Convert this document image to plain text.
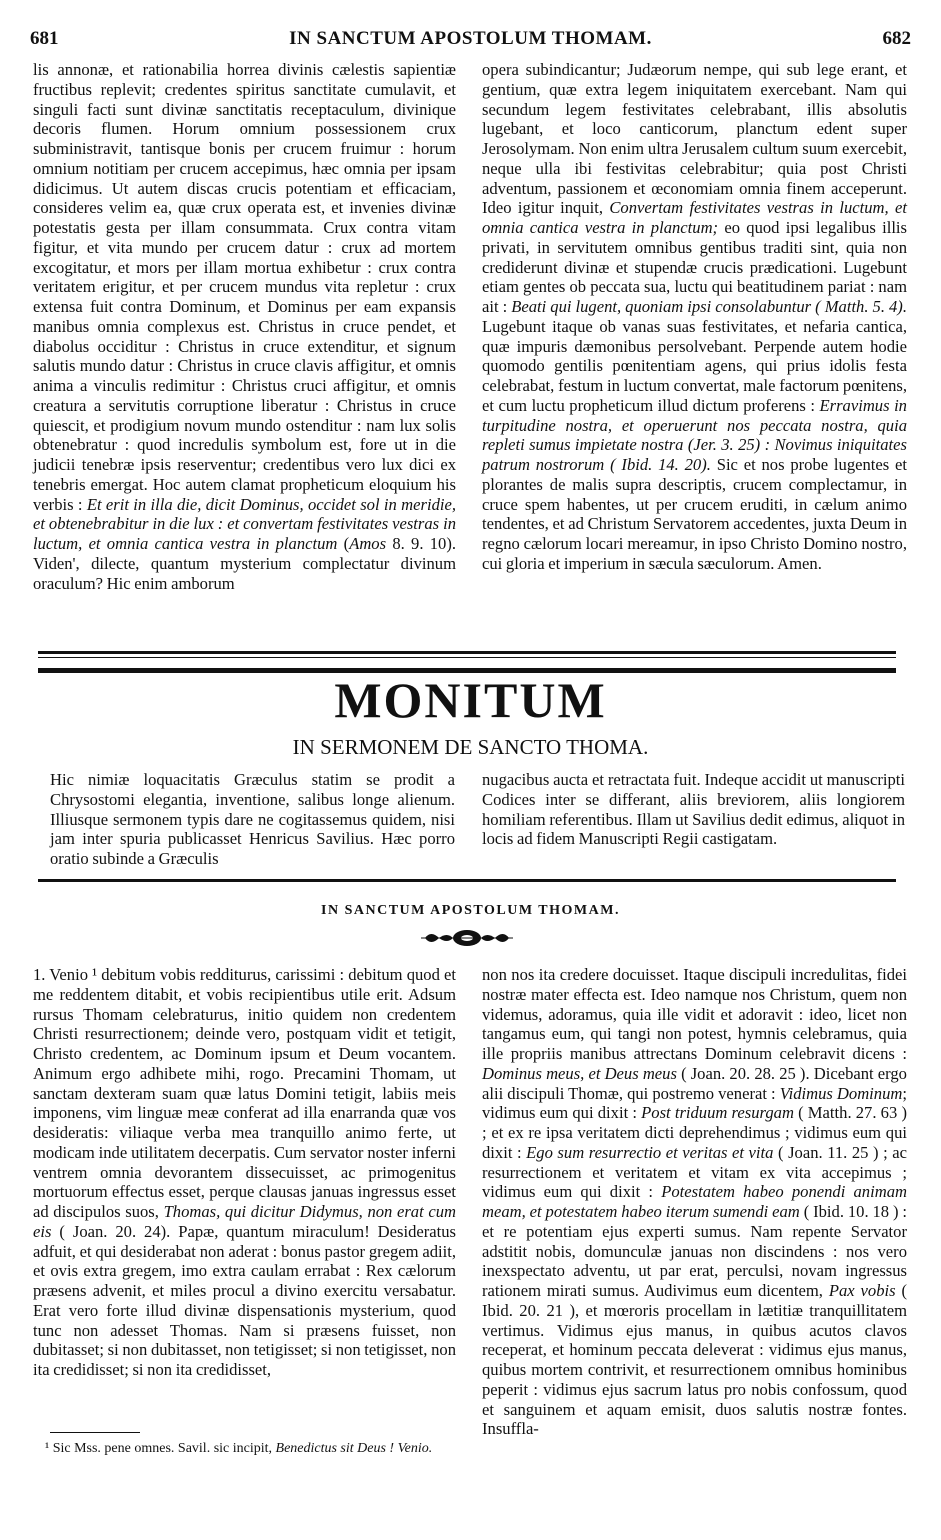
681	IN SANCTUM APOSTOLUM THOMAM.	682

lis annonæ, et rationabilia horrea divinis cælestis sapientiæ fructibus replevit; credentes spiritus sanctitate cumulavit, et singuli facti sunt divinæ sanctitatis receptaculum, divinique decoris flumen. Horum omnium possessionem crux subministravit, tantisque bonis per crucem fruimur : horum omnium notitiam per crucem accepimus, hæc omnia per ipsam didicimus. Ut autem discas crucis potentiam et efficaciam, consideres velim ea, quæ crux operata est, et invenies divinæ potestatis gesta per illam consummata. Crux contra vitam figitur, et vita mundo per crucem datur : crux ad mortem excogitatur, et mors per illam mortua exhibetur : crux contra veritatem erigitur, et per crucem mundus vita repletur : crux extensa fuit contra Dominum, et Dominus per eam expansis manibus omnia complexus est. Christus in cruce pendet, et diabolus occiditur : Christus in cruce extenditur, et signum salutis mundo datur : Christus in cruce clavis affigitur, et omnis anima a vinculis redimitur : Christus cruci affigitur, et omnis creatura a servitutis corruptione liberatur : Christus in cruce quiescit, et prodigium novum mundo ostenditur : nam lux solis obtenebratur : quod incredulis symbolum est, fore ut in die judicii tenebræ ipsis reserventur; credentibus vero lux dici ex tenebris emergat. Hoc autem clamat propheticum eloquium his verbis : Et erit in illa die, dicit Dominus, occidet sol in meridie, et obtenebrabitur in die lux : et convertam festivitates vestras in luctum, et omnia cantica vestra in planctum (Amos 8. 9. 10). Viden', dilecte, quantum mysterium complectatur divinum oraculum? Hic enim amborum

opera subindicantur; Judæorum nempe, qui sub lege erant, et gentium, quæ extra legem iniquitatem exercebant. Nam qui secundum legem festivitates celebrabant, illis absolutis lugebant, et loco canticorum, planctum edent super Jerosolymam. Non enim ultra Jerusalem cultum suum exercebit, neque ulla ibi festivitas celebrabitur; quia post Christi adventum, passionem et œconomiam omnia finem acceperunt. Ideo igitur inquit, Convertam festivitates vestras in luctum, et omnia cantica vestra in planctum; eo quod ipsi legalibus illis privati, in servitutem omnibus gentibus traditi sint, quia non crediderunt divinæ et stupendæ crucis prædicationi. Lugebunt etiam gentes ob peccata sua, luctu qui beatitudinem pariat : nam ait : Beati qui lugent, quoniam ipsi consolabuntur ( Matth. 5. 4). Lugebunt itaque ob vanas suas festivitates, et nefaria cantica, quæ impuris dæmonibus persolvebant. Perpende autem hodie quomodo gentilis pœnitentiam agens, qui prius idolis festa celebrabat, festum in luctum convertat, male factorum pœnitens, et cum luctu propheticum illud dictum proferens : Erravimus in turpitudine nostra, et operuerunt nos peccata nostra, quia repleti sumus impietate nostra (Jer. 3. 25) : Novimus iniquitates patrum nostrorum ( Ibid. 14. 20). Sic et nos probe lugentes et plorantes de malis supra descriptis, crucem complectamur, in cruce spem habentes, ut per crucem eruditi, in cælum animo tendentes, et ad Christum Servatorem accedentes, juxta Deum in regno cælorum locari mereamur, in ipso Christo Domino nostro, cui gloria et imperium in sæcula sæculorum. Amen.

MONITUM
IN SERMONEM DE SANCTO THOMA.

Hic nimiæ loquacitatis Græculus statim se prodit a Chrysostomi elegantia, inventione, salibus longe alienum. Illiusque sermonem typis dare ne cogitassemus quidem, nisi jam inter spuria publicasset Henricus Savilius. Hæc porro oratio subinde a Græculis

nugacibus aucta et retractata fuit. Indeque accidit ut manuscripti Codices inter se differant, aliis breviorem, aliis longiorem homiliam referentibus. Illam ut Savilius dedit edimus, aliquot in locis ad fidem Manuscripti Regii castigatam.

IN SANCTUM APOSTOLUM THOMAM.

1. Venio ¹ debitum vobis redditurus, carissimi : debitum quod et me reddentem ditabit, et vobis recipientibus utile erit. Adsum rursus Thomam celebraturus, initio quidem non credentem Christi resurrectionem; deinde vero, postquam vidit et tetigit, Christo credentem, ac Dominum ipsum et Deum vocantem. Animum ergo adhibete mihi, rogo. Precamini Thomam, ut sanctam dexteram suam quæ latus Domini tetigit, labiis meis imponens, vim linguæ meæ conferat ad illa enarranda quæ vos desideratis: viliaque verba mea tranquillo animo ferte, ut modicam inde utilitatem decerpatis. Cum servator noster inferni ventrem omnia devorantem dissecuisset, ac primogenitus mortuorum effectus esset, perque clausas januas ingressus esset ad discipulos suos, Thomas, qui dicitur Didymus, non erat cum eis ( Joan. 20. 24). Papæ, quantum miraculum! Desideratus adfuit, et qui desiderabat non aderat : bonus pastor gregem adiit, et ovis extra gregem, imo extra caulam errabat : Rex cælorum præsens advenit, et miles procul a divino exercitu versabatur. Erat vero forte illud divinæ dispensationis mysterium, quod tunc non adesset Thomas. Nam si præsens fuisset, non dubitasset; si non dubitasset, non tetigisset; si non tetigisset, non ita credidisset; si non ita credidisset,

non nos ita credere docuisset. Itaque discipuli incredulitas, fidei nostræ mater effecta est. Ideo namque nos Christum, quem non videmus, adoramus, quia ille vidit et adoravit : ideo, licet non tangamus eum, qui tangi non potest, hymnis celebramus, quia ille propriis manibus attrectans Dominum celebravit dicens : Dominus meus, et Deus meus ( Joan. 20. 28. 25 ). Dicebant ergo alii discipuli Thomæ, qui postremo venerat : Vidimus Dominum; vidimus eum qui dixit : Post triduum resurgam ( Matth. 27. 63 ) ; et ex re ipsa veritatem dicti deprehendimus ; vidimus eum qui dixit : Ego sum resurrectio et veritas et vita ( Joan. 11. 25 ) ; ac resurrectionem et veritatem et vitam ex vita accepimus ; vidimus eum qui dixit : Potestatem habeo ponendi animam meam, et potestatem habeo iterum sumendi eam ( Ibid. 10. 18 ) : et re potentiam ejus experti sumus. Nam repente Servator adstitit nobis, domunculæ januas non discindens : nos vero inexspectato adventu, ut par erat, perculsi, novam ingressus rationem mirati sumus. Audivimus eum dicentem, Pax vobis ( Ibid. 20. 21 ), et mœroris procellam in lætitiæ tranquillitatem vertimus. Vidimus ejus manus, in quibus acutos clavos receperat, et hominum peccata deleverat : vidimus ejus manus, quibus mortem contrivit, et resurrectionem omnibus hominibus peperit : vidimus ejus sacrum latus pro nobis confossum, quod et sanguinem et aquam emisit, duos salutis nostræ fontes. Insuffla-

¹ Sic Mss. pene omnes. Savil. sic incipit, Benedictus sit Deus ! Venio.
